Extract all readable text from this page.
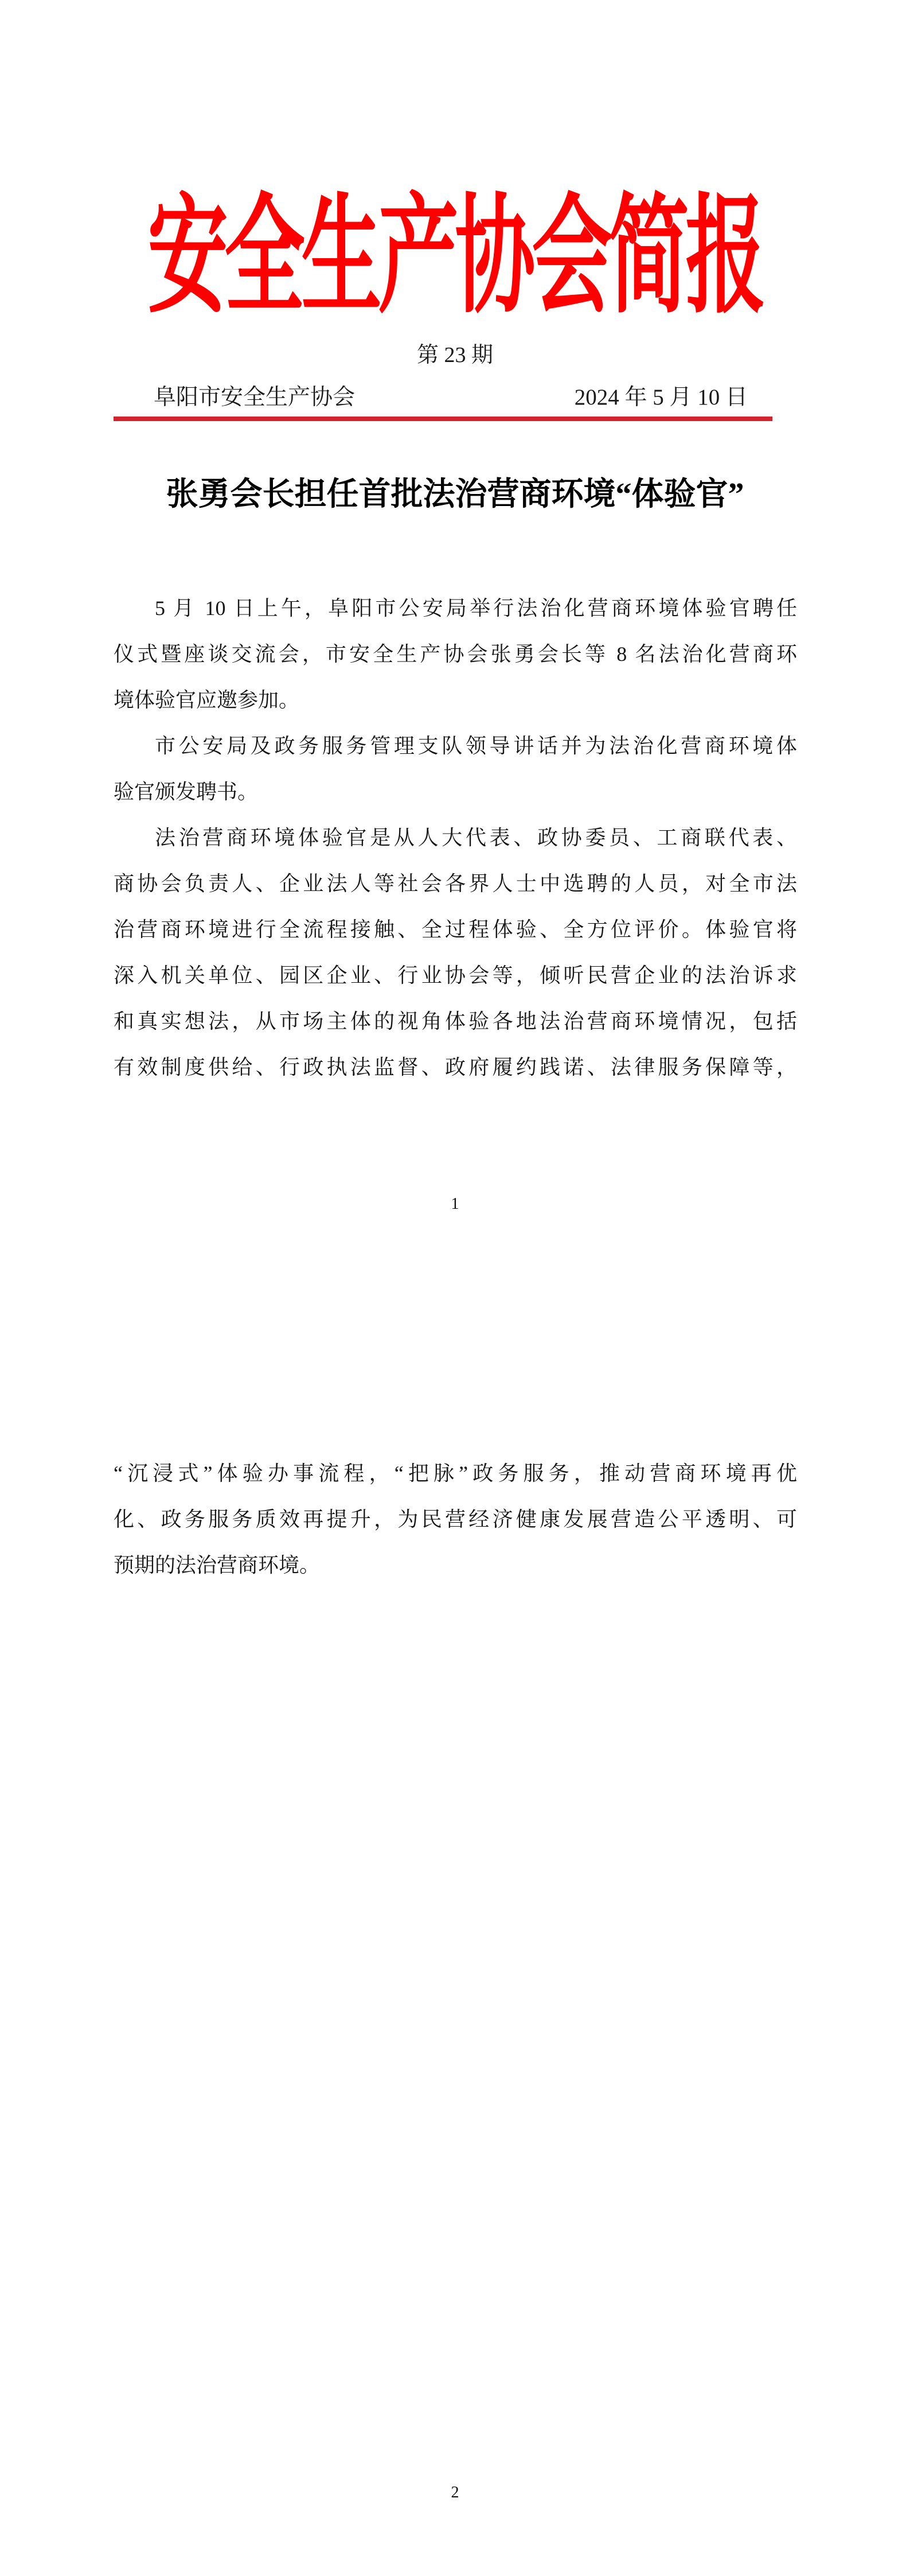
安全生产协会简报
第 23 期
阜阳市安全生产协会	2024 年 5 月 10 日
张勇会长担任首批法治营商环境“体验官”
5 月 10 日上午，阜阳市公安局举行法治化营商环境体验官聘任
仪式暨座谈交流会，市安全生产协会张勇会长等 8 名法治化营商环
境体验官应邀参加。
市公安局及政务服务管理支队领导讲话并为法治化营商环境体
验官颁发聘书。
法治营商环境体验官是从人大代表、政协委员、工商联代表、
商协会负责人、企业法人等社会各界人士中选聘的人员，对全市法
治营商环境进行全流程接触、全过程体验、全方位评价。体验官将
深入机关单位、园区企业、行业协会等，倾听民营企业的法治诉求
和真实想法，从市场主体的视角体验各地法治营商环境情况，包括
有效制度供给、行政执法监督、政府履约践诺、法律服务保障等，
1
“沉浸式”体验办事流程，“把脉”政务服务，推动营商环境再优
化、政务服务质效再提升，为民营经济健康发展营造公平透明、可
预期的法治营商环境。
2
